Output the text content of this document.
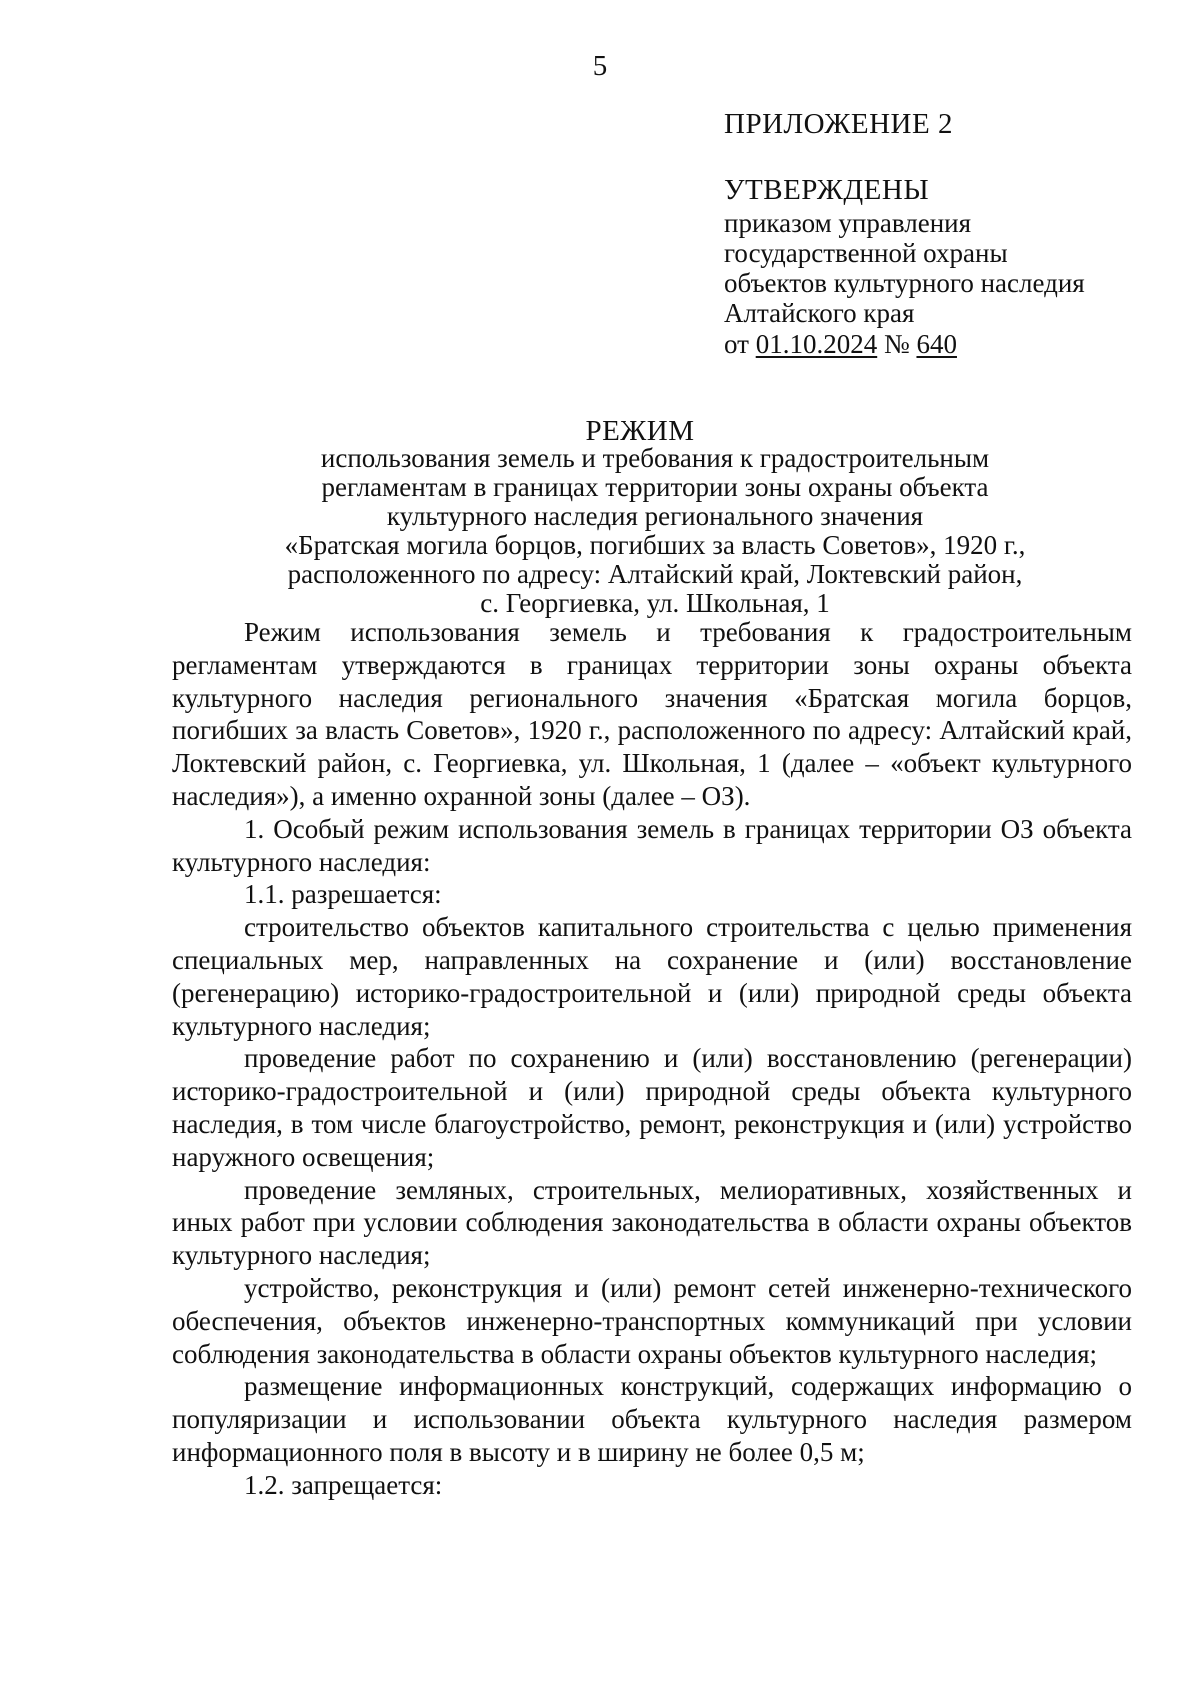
5
ПРИЛОЖЕНИЕ 2
УТВЕРЖДЕНЫ
приказом управления
государственной охраны
объектов культурного наследия
Алтайского края
от 01.10.2024 № 640
РЕЖИМ
использования земель и требования к градостроительным
регламентам в границах территории зоны охраны объекта
культурного наследия регионального значения
«Братская могила борцов, погибших за власть Советов», 1920 г.,
расположенного по адресу: Алтайский край, Локтевский район,
с. Георгиевка, ул. Школьная, 1

Режим использования земель и требования к градостроительным регламентам утверждаются в границах территории зоны охраны объекта культурного наследия регионального значения «Братская могила борцов, погибших за власть Советов», 1920 г., расположенного по адресу: Алтайский край, Локтевский район, с. Георгиевка, ул. Школьная, 1 (далее – «объект культурного наследия»), а именно охранной зоны (далее – ОЗ).

1. Особый режим использования земель в границах территории ОЗ объекта культурного наследия:

1.1. разрешается:

строительство объектов капитального строительства с целью применения специальных мер, направленных на сохранение и (или) восстановление (регенерацию) историко-градостроительной и (или) природной среды объекта культурного наследия;

проведение работ по сохранению и (или) восстановлению (регенерации) историко-градостроительной и (или) природной среды объекта культурного наследия, в том числе благоустройство, ремонт, реконструкция и (или) устройство наружного освещения;

проведение земляных, строительных, мелиоративных, хозяйственных и иных работ при условии соблюдения законодательства в области охраны объектов культурного наследия;

устройство, реконструкция и (или) ремонт сетей инженерно-технического обеспечения, объектов инженерно-транспортных коммуникаций при условии соблюдения законодательства в области охраны объектов культурного наследия;

размещение информационных конструкций, содержащих информацию о популяризации и использовании объекта культурного наследия размером информационного поля в высоту и в ширину не более 0,5 м;

1.2. запрещается:
